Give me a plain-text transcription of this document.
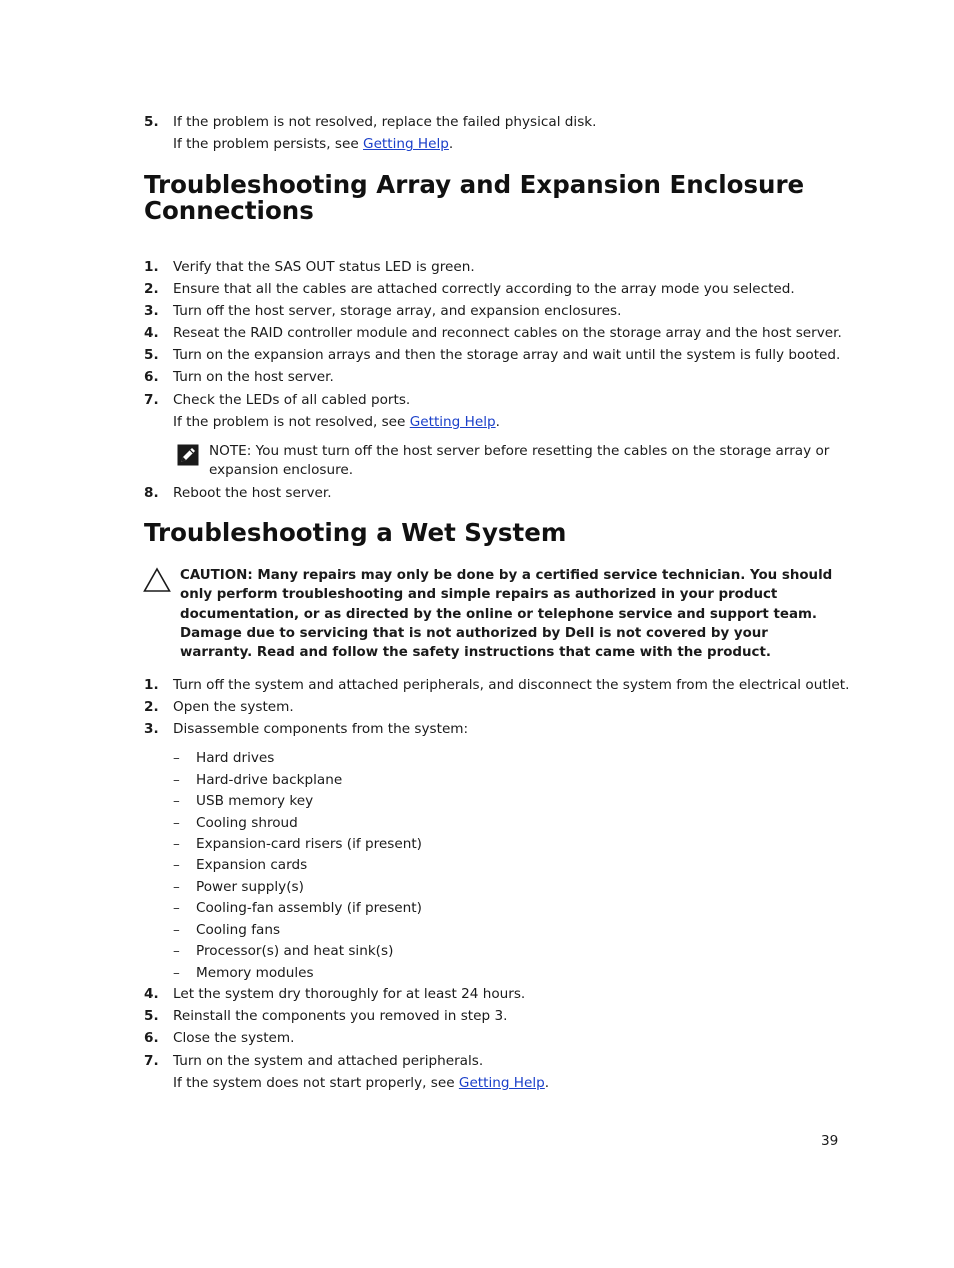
5. If the problem is not resolved, replace the failed physical disk.
If the problem persists, see Getting Help.
Troubleshooting Array and Expansion Enclosure
Connections
1. Verify that the SAS OUT status LED is green.
2. Ensure that all the cables are attached correctly according to the array mode you selected.
3. Turn off the host server, storage array, and expansion enclosures.
4. Reseat the RAID controller module and reconnect cables on the storage array and the host server.
5. Turn on the expansion arrays and then the storage array and wait until the system is fully booted.
6. Turn on the host server.
7. Check the LEDs of all cabled ports.
If the problem is not resolved, see Getting Help.
NOTE: You must turn off the host server before resetting the cables on the storage array or expansion enclosure.
8. Reboot the host server.
Troubleshooting a Wet System
CAUTION: Many repairs may only be done by a certified service technician. You should only perform troubleshooting and simple repairs as authorized in your product documentation, or as directed by the online or telephone service and support team. Damage due to servicing that is not authorized by Dell is not covered by your warranty. Read and follow the safety instructions that came with the product.
1. Turn off the system and attached peripherals, and disconnect the system from the electrical outlet.
2. Open the system.
3. Disassemble components from the system:
– Hard drives
– Hard-drive backplane
– USB memory key
– Cooling shroud
– Expansion-card risers (if present)
– Expansion cards
– Power supply(s)
– Cooling-fan assembly (if present)
– Cooling fans
– Processor(s) and heat sink(s)
– Memory modules
4. Let the system dry thoroughly for at least 24 hours.
5. Reinstall the components you removed in step 3.
6. Close the system.
7. Turn on the system and attached peripherals.
If the system does not start properly, see Getting Help.
39
